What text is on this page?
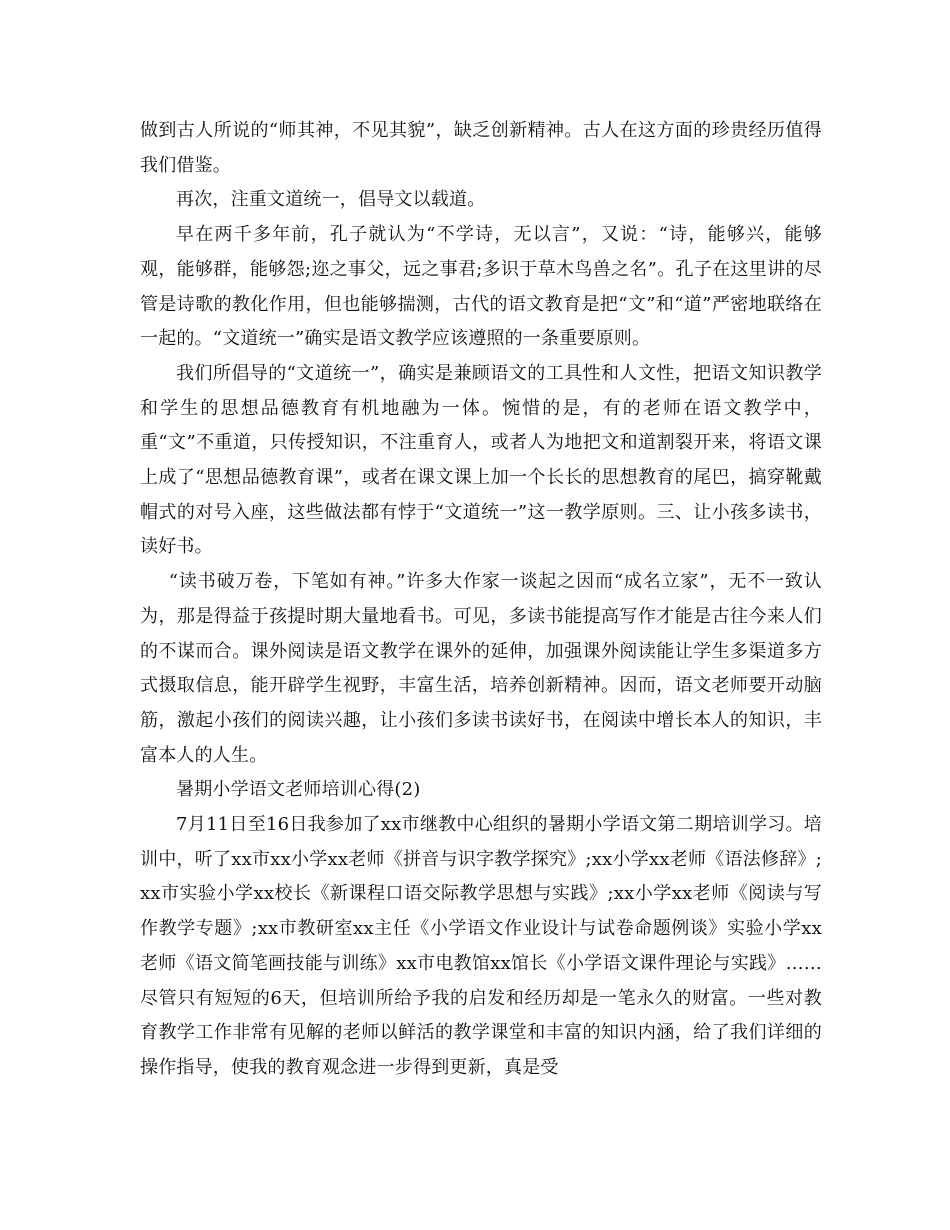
做到古人所说的“师其神，不见其貌”，缺乏创新精神。古人在这方面的珍贵经历值得我们借鉴。

再次，注重文道统一，倡导文以载道。

早在两千多年前，孔子就认为“不学诗，无以言”，又说：“诗，能够兴，能够观，能够群，能够怨;迩之事父，远之事君;多识于草木鸟兽之名”。孔子在这里讲的尽管是诗歌的教化作用，但也能够揣测，古代的语文教育是把“文”和“道”严密地联络在一起的。“文道统一”确实是语文教学应该遵照的一条重要原则。

我们所倡导的“文道统一”，确实是兼顾语文的工具性和人文性，把语文知识教学和学生的思想品德教育有机地融为一体。惋惜的是，有的老师在语文教学中，重“文”不重道，只传授知识，不注重育人，或者人为地把文和道割裂开来，将语文课上成了“思想品德教育课”，或者在课文课上加一个长长的思想教育的尾巴，搞穿靴戴帽式的对号入座，这些做法都有悖于“文道统一”这一教学原则。三、让小孩多读书，读好书。

“读书破万卷，下笔如有神。”许多大作家一谈起之因而“成名立家”，无不一致认为，那是得益于孩提时期大量地看书。可见，多读书能提高写作才能是古往今来人们的不谋而合。课外阅读是语文教学在课外的延伸，加强课外阅读能让学生多渠道多方式摄取信息，能开辟学生视野，丰富生活，培养创新精神。因而，语文老师要开动脑筋，激起小孩们的阅读兴趣，让小孩们多读书读好书，在阅读中增长本人的知识，丰富本人的人生。

暑期小学语文老师培训心得(2)

7月11日至16日我参加了xx市继教中心组织的暑期小学语文第二期培训学习。培训中，听了xx市xx小学xx老师《拼音与识字教学探究》;xx小学xx老师《语法修辞》;xx市实验小学xx校长《新课程口语交际教学思想与实践》;xx小学xx老师《阅读与写作教学专题》;xx市教研室xx主任《小学语文作业设计与试卷命题例谈》实验小学xx老师《语文简笔画技能与训练》xx市电教馆xx馆长《小学语文课件理论与实践》……尽管只有短短的6天，但培训所给予我的启发和经历却是一笔永久的财富。一些对教育教学工作非常有见解的老师以鲜活的教学课堂和丰富的知识内涵，给了我们详细的操作指导，使我的教育观念进一步得到更新，真是受
